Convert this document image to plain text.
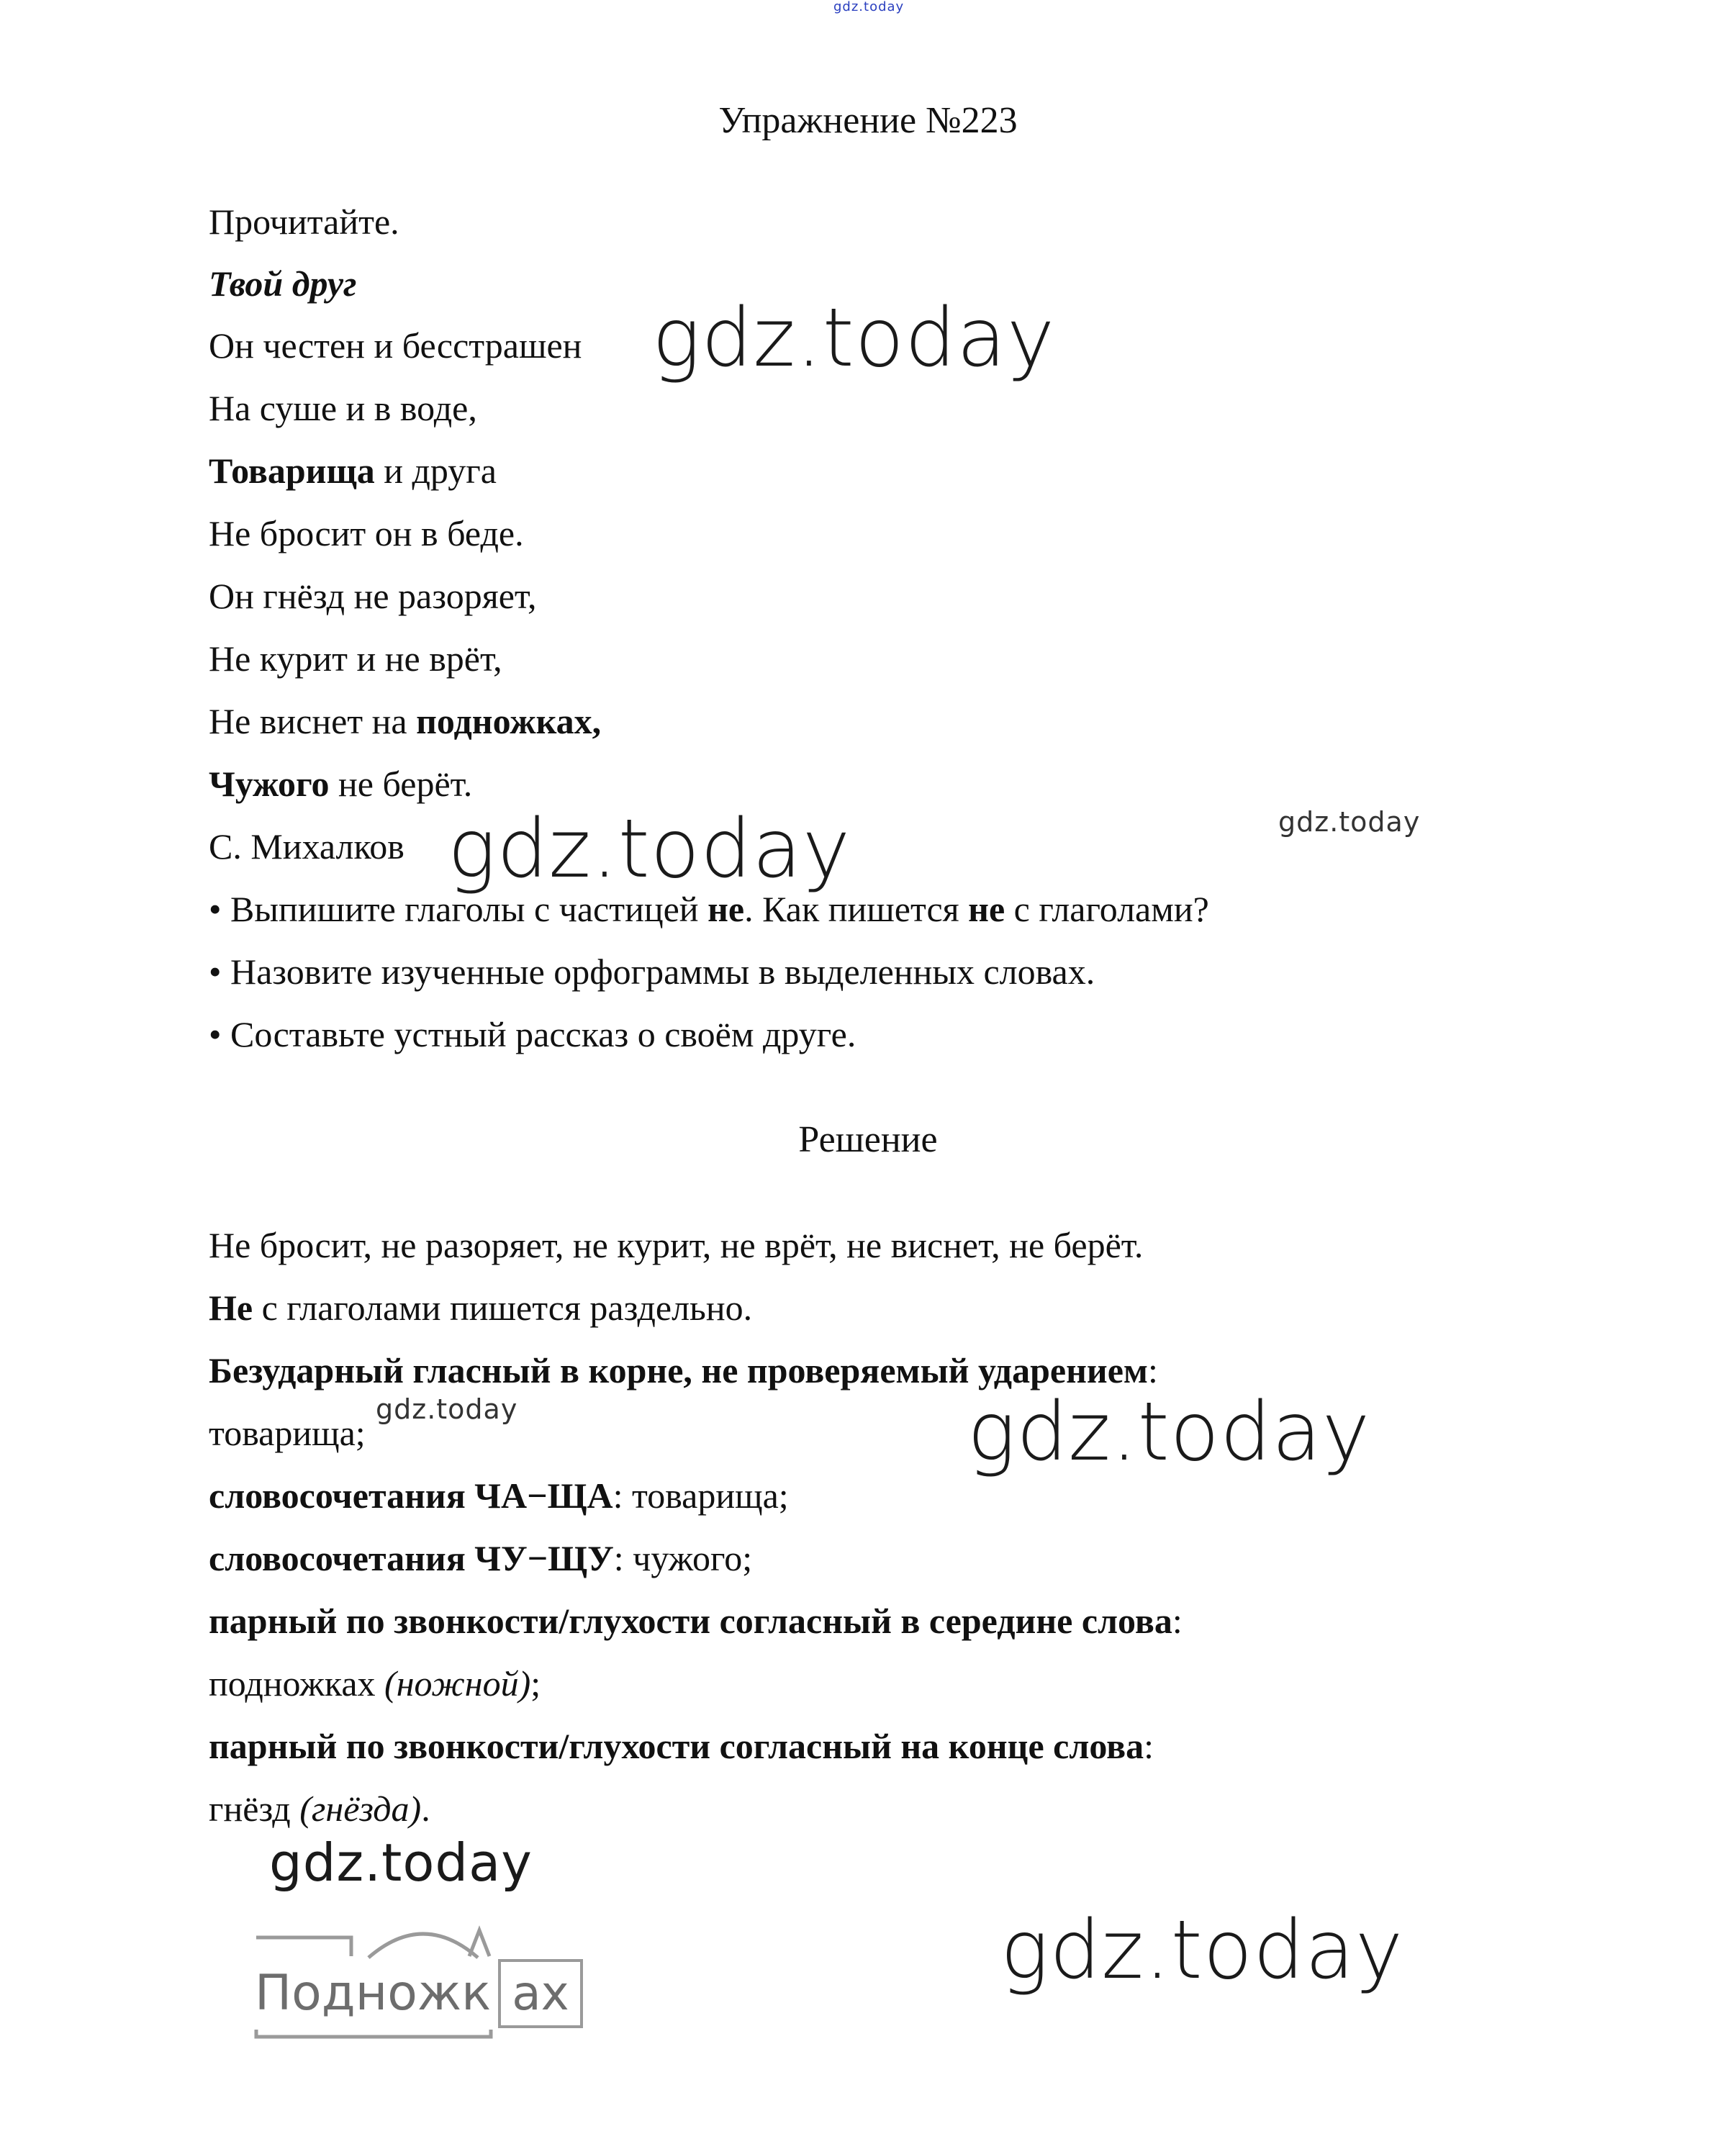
gdz.today
Упражнение №223
Прочитайте.
Твой друг
Он честен и бесстрашен
На суше и в воде,
Товарища и друга
Не бросит он в беде.
Он гнёзд не разоряет,
Не курит и не врёт,
Не виснет на подножках,
Чужого не берёт.
С. Михалков
• Выпишите глаголы с частицей не. Как пишется не с глаголами?
• Назовите изученные орфограммы в выделенных словах.
• Составьте устный рассказ о своём друге.
Решение
Не бросит, не разоряет, не курит, не врёт, не виснет, не берёт.
Не с глаголами пишется раздельно.
Безударный гласный в корне, не проверяемый ударением:
товарища;
словосочетания ЧА−ЩА: товарища;
словосочетания ЧУ−ЩУ: чужого;
парный по звонкости/глухости согласный в середине слова:
подножках (ножной);
парный по звонкости/глухости согласный на конце слова:
гнёзд (гнёзда).
gdz.today
gdz.today	gdz.today
gdz.today	gdz.today
gdz.today
gdz.today
Подножк ах
